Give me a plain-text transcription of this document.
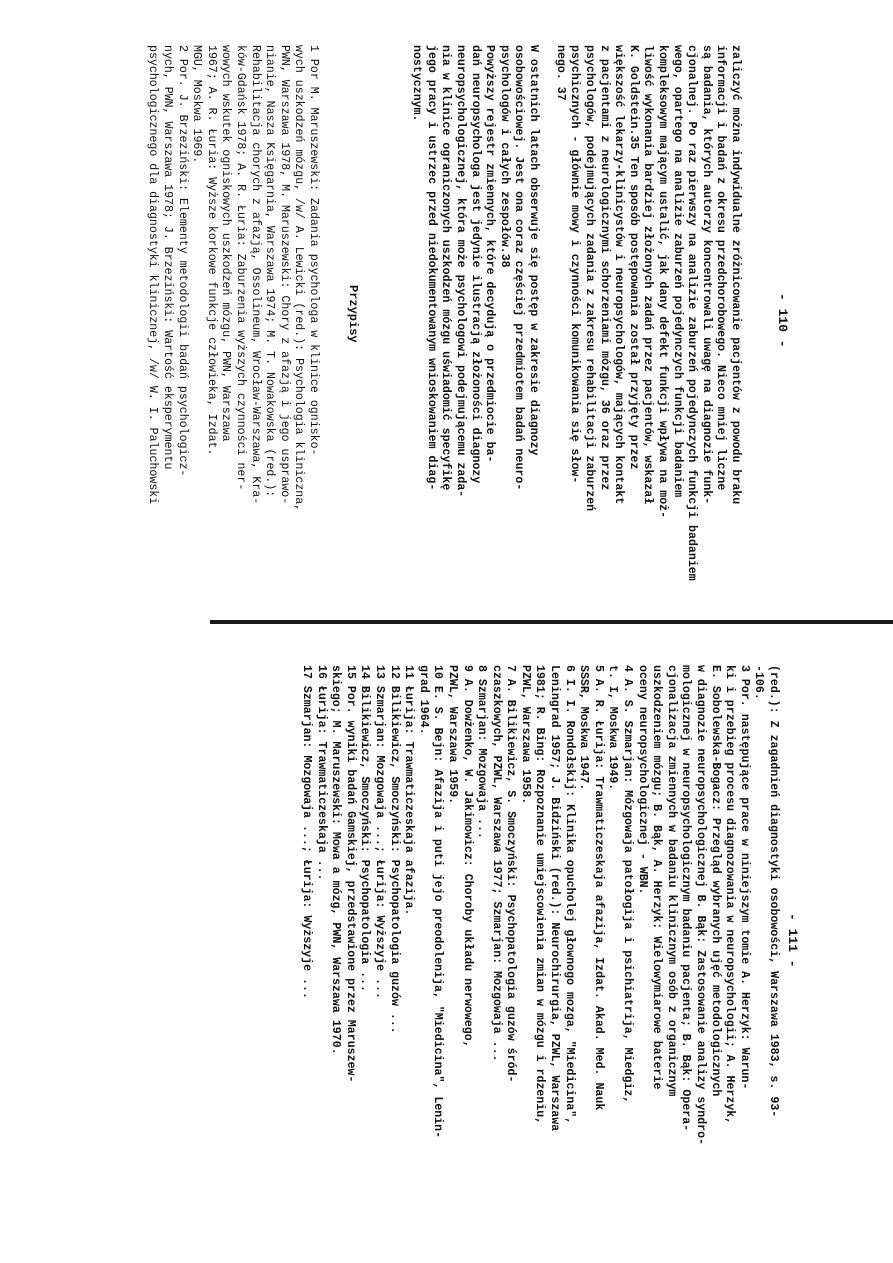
- 110 -
zaliczyć można indywidualne zróżnicowanie pacjentów z powodu braku
informacji i badań z okresu przedchorobowego. Nieco mniej liczne
są badania, których autorzy koncentrowali uwagę na diagnozie funk-
cjonalnej. Po raz pierwszy na analizie zaburzeń pojedynczych funkcji badaniem
wego, opartego na analizie zaburzeń pojedynczych funkcji badaniem
kompleksowym mającym ustalić, jak dany defekt funkcji wpływa na moż-
liwość wykonania bardziej złożonych zadań przez pacjentów, wskazał
K. Goldstein.35 Ten sposób postępowania został przyjęty przez
większość lekarzy-klinicystów i neuropsychologów, mających kontakt
z pacjentami z neurologicznymi schorzeniami mózgu, 36 oraz przez
psychologów, podejmujących zadania z zakresu rehabilitacji zaburzeń
psychicznych - głównie mowy i czynności komunikowania się słow-
nego. 37
W ostatnich latach obserwuje się postęp w zakresie diagnozy
osobowościowej. Jest ona coraz częściej przedmiotem badań neuro-
psychologów i całych zespołów.38
Powyższy rejestr zmiennych, które decydują o przedmiocie ba-
dań neuropsychologa jest jedynie ilustracją złożoności diagnozy
neuropsychologicznej, która może psychologowi podejmującemu zada-
nia w klinice ograniczonych uszkodzeń mózgu uświadomić specyfikę
jego pracy i ustrzec przed niedokumentowanym wnioskowaniem diag-
nostycznym.
Przypisy
1 Por M. Maruszewski: Zadania psychologa w klinice ognisko-
wych uszkodzeń mózgu, /w/ A. Lewicki (red.): Psychologia kliniczna,
PWN, Warszawa 1978, M. Maruszewski: Chory z afazją i jego usprawo-
nianie, Nasza Księgarnia, Warszawa 1974; M. T. Nowakowska (red.):
Rehabilitacja chorych z afazją, Ossolineum, Wrocław-Warszawa, Kra-
ków-Gdańsk 1978; A. R. Łuria: Zaburzenia wyższych czynności ner-
wowych wskutek ogniskowych uszkodzeń mózgu, PWN, Warszawa
1967; A. R. Łuria: Wyższe korkowe funkcje człowieka, Izdat.
MGU, Moskwa 1969.
2 Por. J. Brzeziński: Elementy metodologii badań psychologicz-
nych, PWN, Warszawa 1978; J. Brzeziński: Wartość eksperymentu
psychologicznego dla diagnostyki klinicznej, /w/ W. I. Paluchowski
- 111 -
(red.): Z zagadnień diagnostyki osobowości, Warszawa 1983, s. 93-
-106.
3 Por. następujące prace w niniejszym tomie A. Herzyk: Warun-
ki i przebieg procesu diagnozowania w neuropsychologii; A. Herzyk,
E. Sobolewska-Bogacz: Przegląd wybranych ujęć metodologicznych
w diagnozie neuropsychologicznej B. Bąk: Zastosowanie analizy syndro-
mologicznej w neuropsychologicznym badaniu pacjenta; B. Bąk: Opera-
cjonalizacja zmiennych w badaniu klinicznym osób z organicznym
uszkodzeniem mózgu; B. Bąk, A. Herzyk: Wielowymiarowe baterie
oceny neuropsychologicznej - WBN.
4 A. S. Szmarjan: Mózgowaja patołogija i psichiatrija, Miedgiz,
t. I, Moskwa 1949.
5 A. R. Łurija: Trawmaticzeskaja afazija, Izdat. Akad. Med. Nauk
SSSR, Moskwa 1947.
6 I. I. Rondołskij: Klinika opucholej głownogo mozga, "Miedicina",
Leningrad 1957; J. Bidziński (red.): Neurochirurgia, PZWL, Warszawa
1981; R. Bing: Rozpoznanie umiejscowienia zmian w mózgu i rdzeniu,
PZWL, Warszawa 1958.
7 A. Bilikiewicz, S. Smoczyński: Psychopatologia guzów śród-
czaszkowych, PZWL, Warszawa 1977; Szmarjan: Mozgowaja ...
8 Szmarjan: Mozgowaja ...
9 A. Dowżenko, W. Jakimowicz: Choroby układu nerwowego,
PZWL, Warszawa 1959.
10 E. S. Bejn: Afazija i puti jejo preodolenija, "Miedicina", Lenin-
grad 1964.
11 Łurija: Trawmaticzeskaja afazija.
12 Bilikiewicz, Smoczyński: Psychopatologia guzów ...
13 Szmarjan: Mozgowaja ...; Łurija: Wyższyje ...
14 Bilikiewicz, Smoczyński: Psychopatologia ...
15 Por. wyniki badań Gamskiej, przedstawione przez Maruszew-
skiego; M. Maruszewski: Mowa a mózg, PWN, Warszawa 1970.
16 Łurija: Trawmaticzeskaja ...
17 Szmarjan: Mozgowaja ...; Łurija: Wyższyje ...
